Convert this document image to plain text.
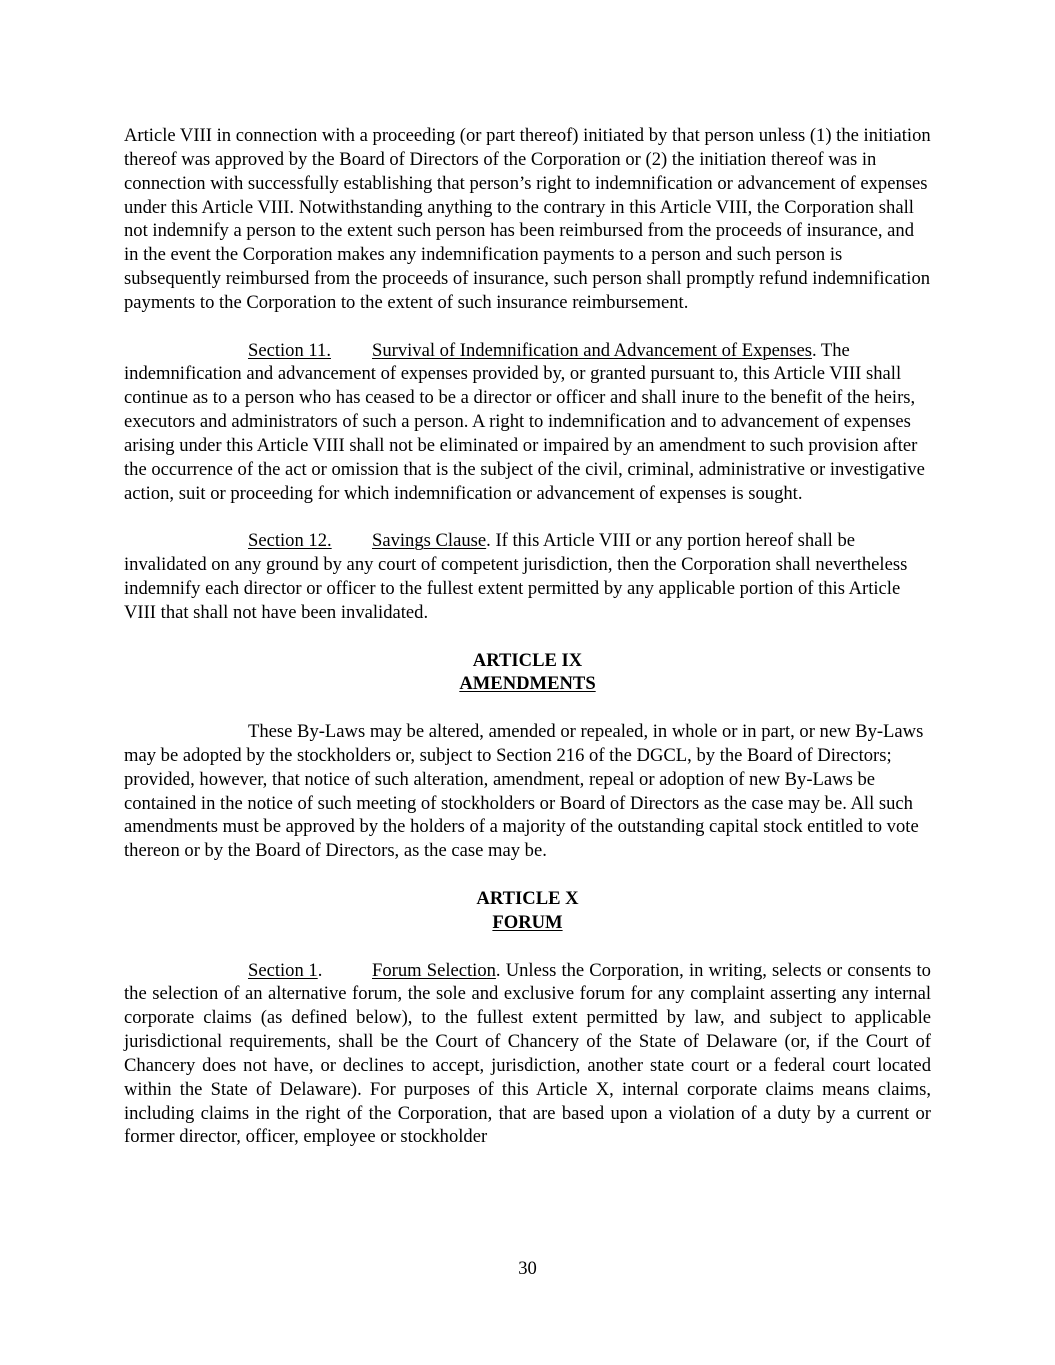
Article VIII in connection with a proceeding (or part thereof) initiated by that person unless (1) the initiation thereof was approved by the Board of Directors of the Corporation or (2) the initiation thereof was in connection with successfully establishing that person’s right to indemnification or advancement of expenses under this Article VIII. Notwithstanding anything to the contrary in this Article VIII, the Corporation shall not indemnify a person to the extent such person has been reimbursed from the proceeds of insurance, and in the event the Corporation makes any indemnification payments to a person and such person is subsequently reimbursed from the proceeds of insurance, such person shall promptly refund indemnification payments to the Corporation to the extent of such insurance reimbursement.

Section 11. Survival of Indemnification and Advancement of Expenses. The indemnification and advancement of expenses provided by, or granted pursuant to, this Article VIII shall continue as to a person who has ceased to be a director or officer and shall inure to the benefit of the heirs, executors and administrators of such a person. A right to indemnification and to advancement of expenses arising under this Article VIII shall not be eliminated or impaired by an amendment to such provision after the occurrence of the act or omission that is the subject of the civil, criminal, administrative or investigative action, suit or proceeding for which indemnification or advancement of expenses is sought.

Section 12. Savings Clause. If this Article VIII or any portion hereof shall be invalidated on any ground by any court of competent jurisdiction, then the Corporation shall nevertheless indemnify each director or officer to the fullest extent permitted by any applicable portion of this Article VIII that shall not have been invalidated.

ARTICLE IX
AMENDMENTS

These By-Laws may be altered, amended or repealed, in whole or in part, or new By-Laws may be adopted by the stockholders or, subject to Section 216 of the DGCL, by the Board of Directors; provided, however, that notice of such alteration, amendment, repeal or adoption of new By-Laws be contained in the notice of such meeting of stockholders or Board of Directors as the case may be. All such amendments must be approved by the holders of a majority of the outstanding capital stock entitled to vote thereon or by the Board of Directors, as the case may be.

ARTICLE X
FORUM

Section 1.	Forum Selection. Unless the Corporation, in writing, selects or consents to the selection of an alternative forum, the sole and exclusive forum for any complaint asserting any internal corporate claims (as defined below), to the fullest extent permitted by law, and subject to applicable jurisdictional requirements, shall be the Court of Chancery of the State of Delaware (or, if the Court of Chancery does not have, or declines to accept, jurisdiction, another state court or a federal court located within the State of Delaware). For purposes of this Article X, internal corporate claims means claims, including claims in the right of the Corporation, that are based upon a violation of a duty by a current or former director, officer, employee or stockholder

30
